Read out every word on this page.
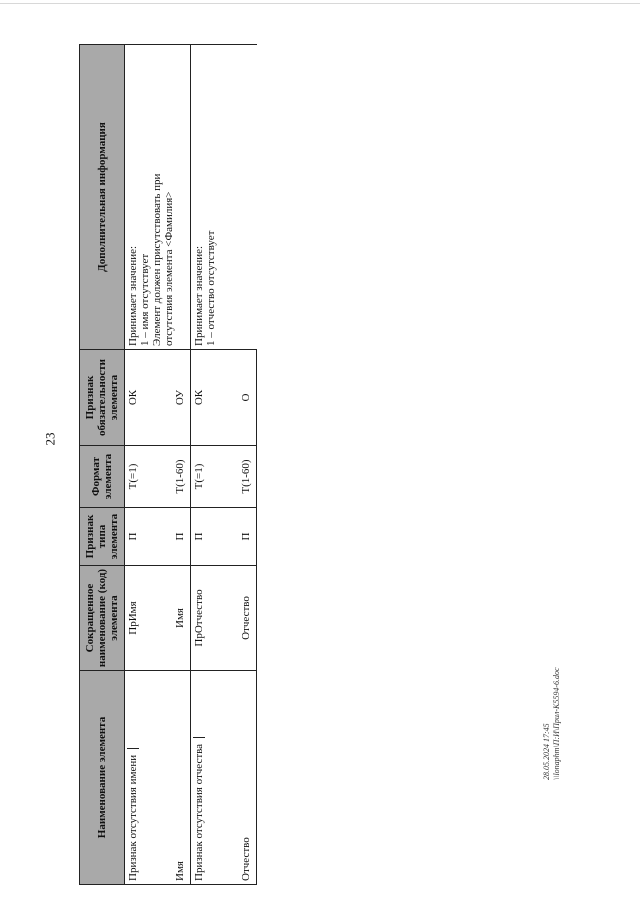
23
Наименование элемента	Сокращенное наименование (код) элемента	Признак типа элемента	Формат элемента	Признак обязательности элемента	Дополнительная информация
Признак отсутствия имени	ПрИмя	П	T(=1)	ОК	Принимает значение: 1 – имя отсутствует Элемент должен присутствовать при отсутствия элемента <Фамилия>

Имя	Имя	П	T(1-60)	ОУ	
Признак отсутствия отчества	ПрОтчество	П	T(=1)	ОК	Принимает значение: 1 – отчество отсутствует

Отчество	Отчество	П	T(1-60)	О	
28.05.2024 17:45 \\lonaphm\П:И\Прил-К5594-6.doc
